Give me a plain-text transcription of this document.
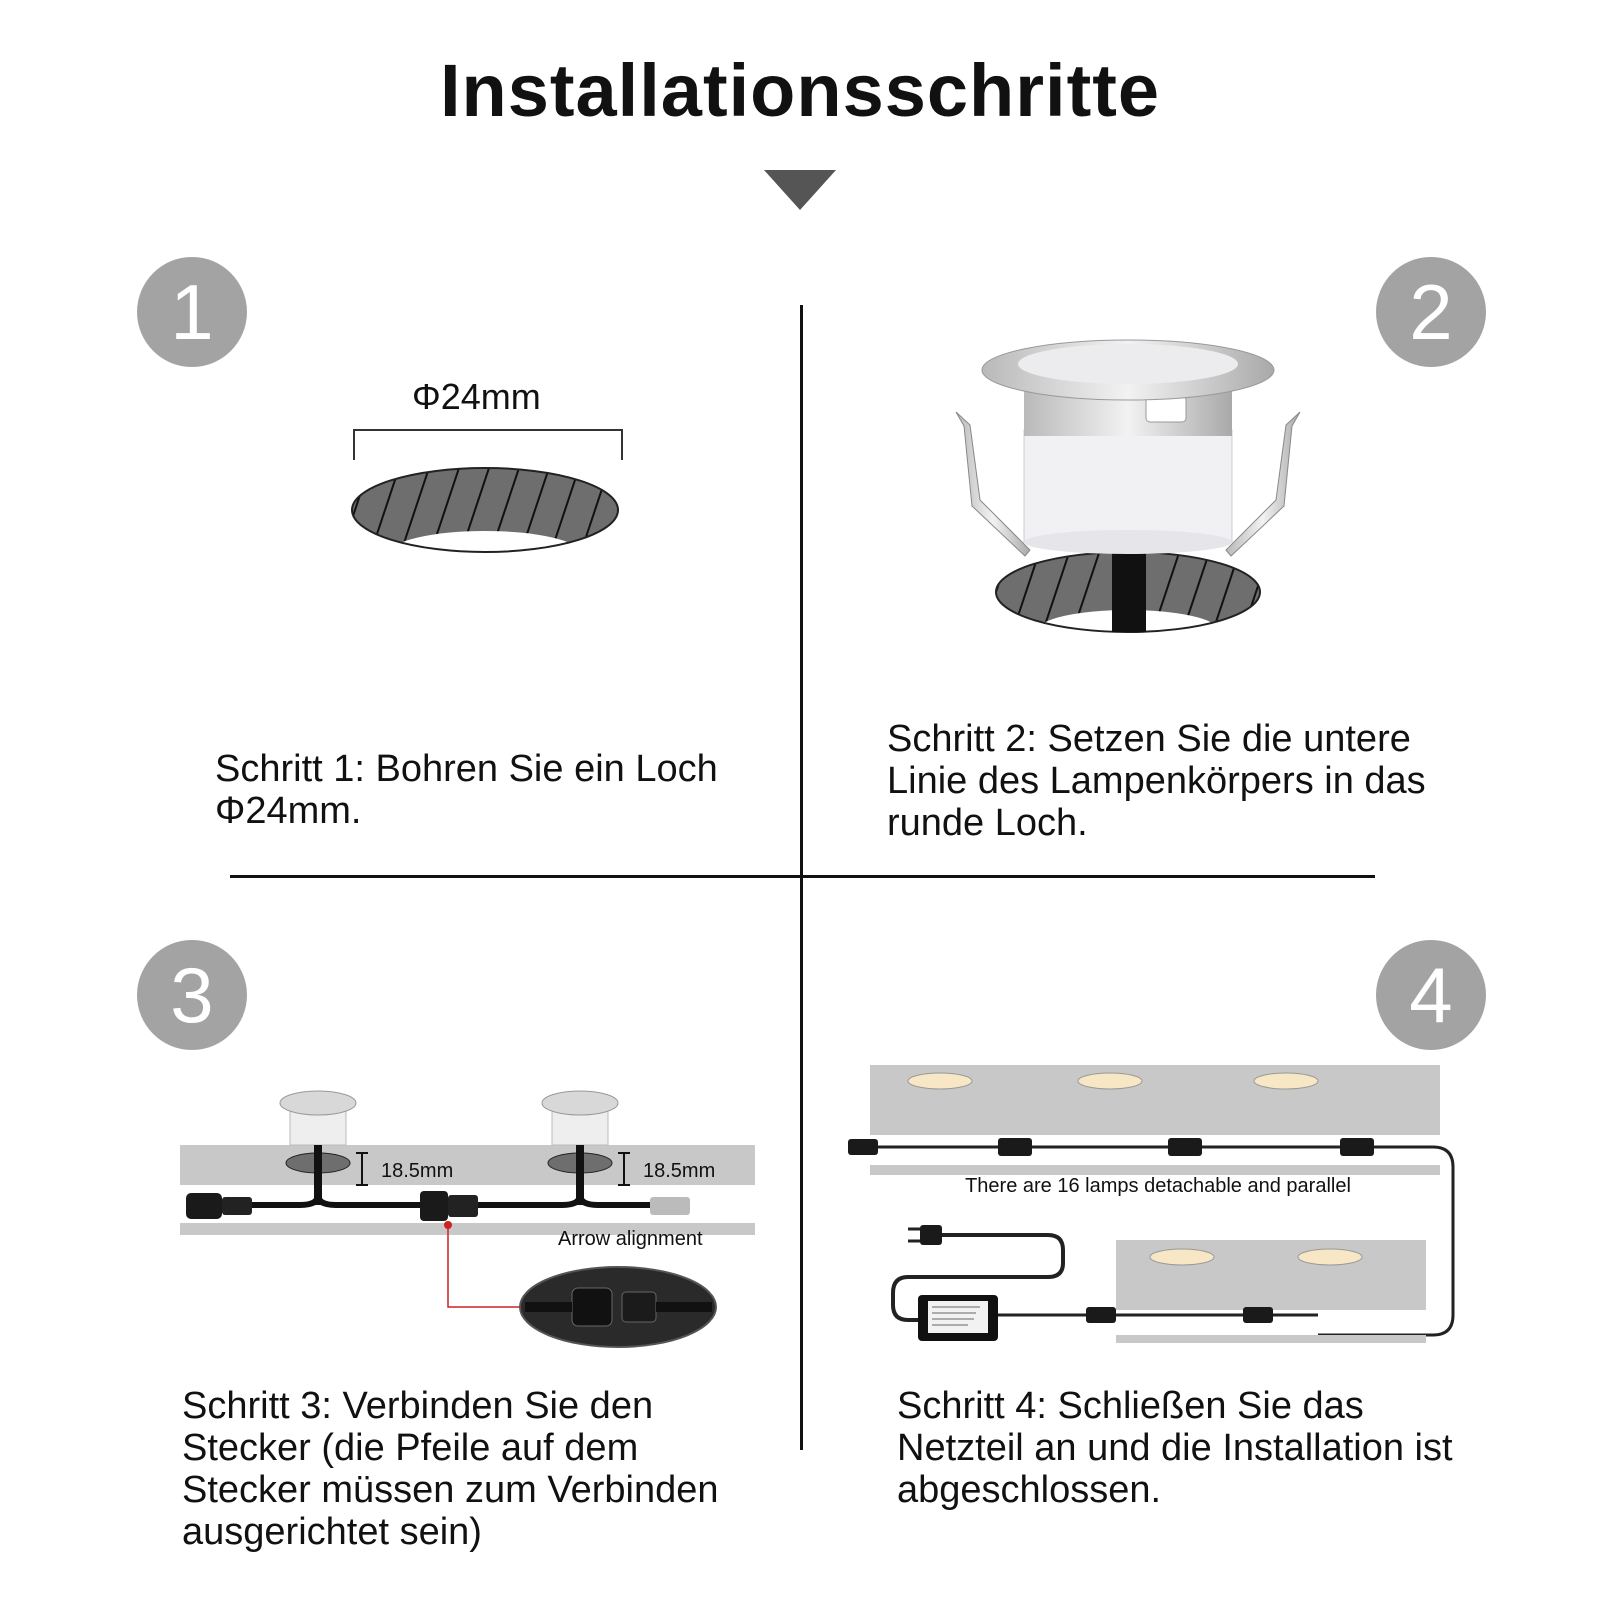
Installationsschritte
1	2
3	4
Φ24mm
Schritt 1: Bohren Sie ein Loch
Φ24mm.
Schritt 2: Setzen Sie die untere
Linie des Lampenkörpers in das
runde Loch.
18.5mm	18.5mm
Arrow alignment
Schritt 3: Verbinden Sie den
Stecker (die Pfeile auf dem
Stecker müssen zum Verbinden
ausgerichtet sein)
There are 16 lamps detachable and parallel
Schritt 4: Schließen Sie das
Netzteil an und die Installation ist
abgeschlossen.
